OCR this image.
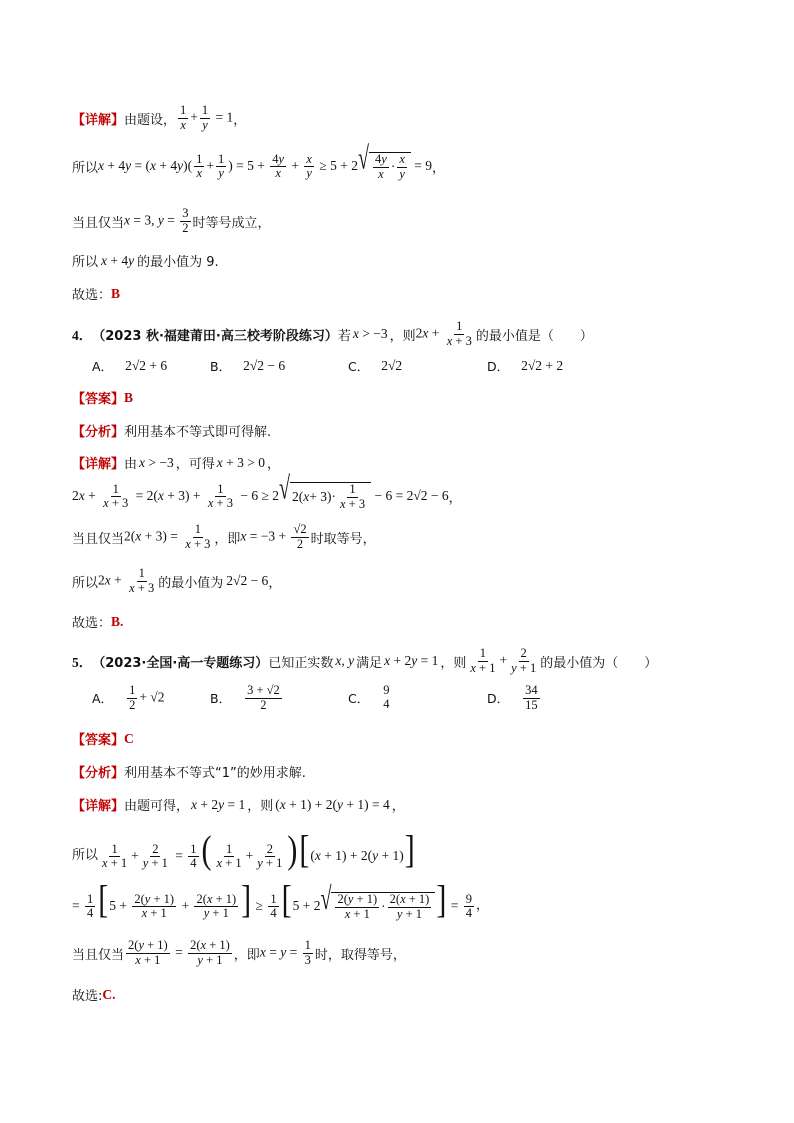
【详解】 由题设， $\frac{1}{x} + \frac{1}{y} = 1$ ，
所以 $x + 4y = (x + 4y)( \frac{1}{x} + \frac{1}{y}$ ) = $5 + \frac{4y}{x} + \frac{x}{y} \ge 5 + 2$ √ $\frac{4y}{x} \cdot \frac{x}{y} = 9$ ，
当且仅当 x = 3, $y = \frac{3}{2}$ 时等号成立，
所以 x + 4y 的最小值为 9.
故选： B
4． （2023 秋·福建莆田·高三校考阶段练习） 若 x > −3 ，则 $2x + \frac{1}{x + 3}$ 的最小值是（　　）
A． 2√2 + 6	B． 2√2 − 6	C． 2√2	D． 2√2 + 2
【答案】 B
【分析】 利用基本不等式即可得解.
【详解】 由 x > −3 ，可得 x + 3 > 0 ，
$2x + \frac{1}{x + 3} = 2(x + 3) + \frac{1}{x + 3} - 6 \ge 2$ √ 2( $x + 3)\cdot \frac{1}{x + 3} - 6 = 2√2 - 6$ ，
当且仅当 $2(x + 3) = \frac{1}{x + 3}$ ，即 $x = -3 + \frac{√2}{2}$ 时取等号，
所以 $2x + \frac{1}{x + 3}$ 的最小值为 2√2 − 6 ，
故选： B.
5． （2023·全国·高一专题练习） 已知正实数 x, y 满足 x + 2y = 1 ，则 $\frac{1}{x + 1} + \frac{2}{y + 1}$ 的最小值为（　　）
A． $\frac{1}{2} + √2$	B． $\frac{3 + √2}{2}$	C．
9
4	D． $\frac{34}{15}$
【答案】 C
【分析】 利用基本不等式“1”的妙用求解.
【详解】 由题可得， x + 2y = 1 ，则 (x + 1) + 2(y + 1) = 4 ，
所以 $\frac{1}{x + 1} + \frac{2}{y + 1} = \frac{1}{4}$ ( $\frac{1}{x + 1} + \frac{2}{y + 1} )[(x + 1) + 2(y + 1)]$
= $\frac{1}{4} [5 + \frac{2(y + 1)}{x + 1} + \frac{2(x + 1)}{y + 1}$ ] ≥ $\frac{1}{4} [5 + 2$ √ $\frac{2(y + 1)}{x + 1} \cdot \frac{2(x + 1)}{y + 1}$ ] = $\frac{9}{4}$ ，
当且仅当 $\frac{2(y + 1)}{x + 1} = \frac{2(x + 1)}{y + 1}$ ，即 $x = y = \frac{1}{3}$ 时，取得等号，
故选: C.
